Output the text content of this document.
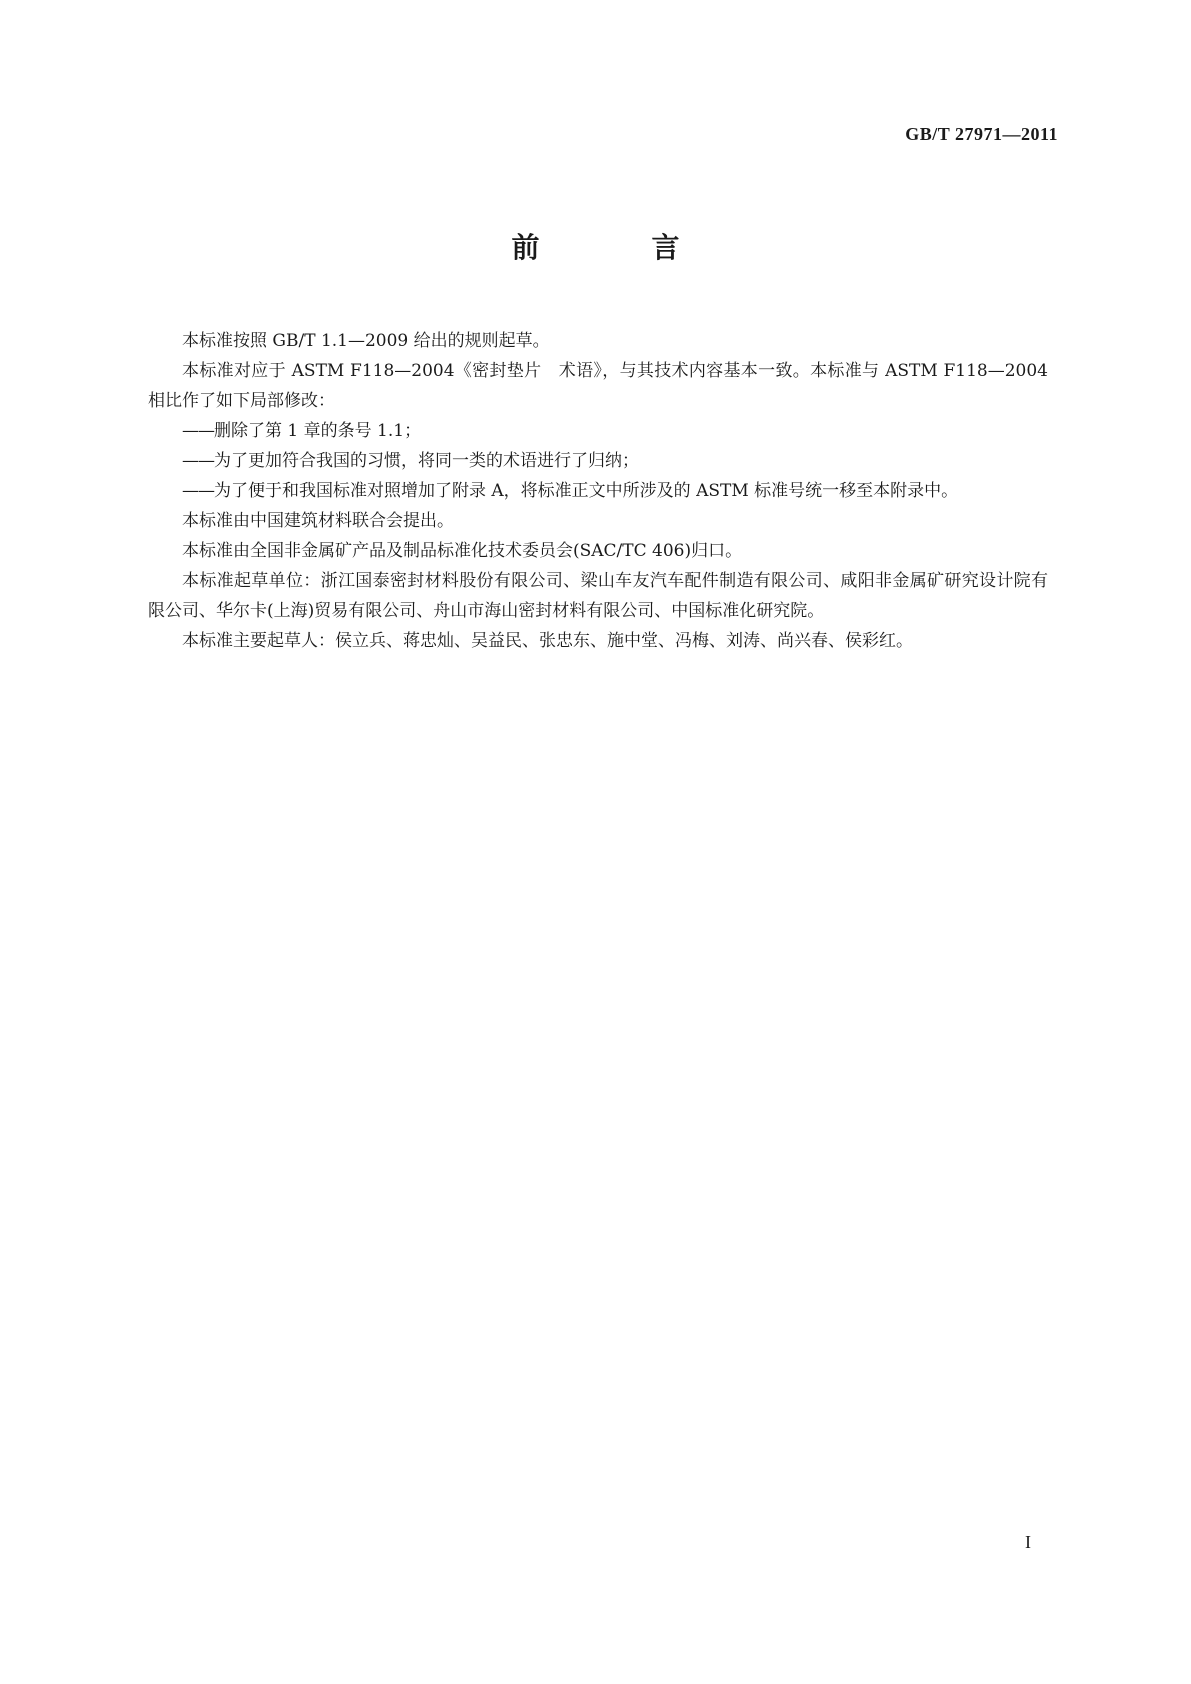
GB/T 27971—2011
前　言

本标准按照 GB/T 1.1—2009 给出的规则起草。

本标准对应于 ASTM F118—2004《密封垫片　术语》，与其技术内容基本一致。本标准与 ASTM F118—2004 相比作了如下局部修改：

——删除了第 1 章的条号 1.1；

——为了更加符合我国的习惯，将同一类的术语进行了归纳；

——为了便于和我国标准对照增加了附录 A，将标准正文中所涉及的 ASTM 标准号统一移至本附录中。

本标准由中国建筑材料联合会提出。

本标准由全国非金属矿产品及制品标准化技术委员会(SAC/TC 406)归口。

本标准起草单位：浙江国泰密封材料股份有限公司、梁山车友汽车配件制造有限公司、咸阳非金属矿研究设计院有限公司、华尔卡(上海)贸易有限公司、舟山市海山密封材料有限公司、中国标准化研究院。

本标准主要起草人：侯立兵、蒋忠灿、吴益民、张忠东、施中堂、冯梅、刘涛、尚兴春、侯彩红。

I
